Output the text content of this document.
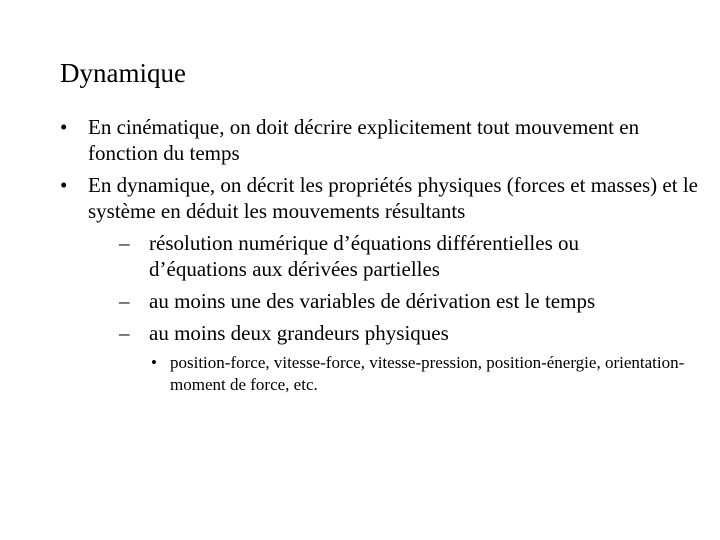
Dynamique
• En cinématique, on doit décrire explicitement tout mouvement en fonction du temps
• En dynamique, on décrit les propriétés physiques (forces et masses) et le système en déduit les mouvements résultants
– résolution numérique d’équations différentielles ou d’équations aux dérivées partielles
– au moins une des variables de dérivation est le temps
– au moins deux grandeurs physiques
• position-force, vitesse-force, vitesse-pression, position-énergie, orientation-moment de force, etc.
